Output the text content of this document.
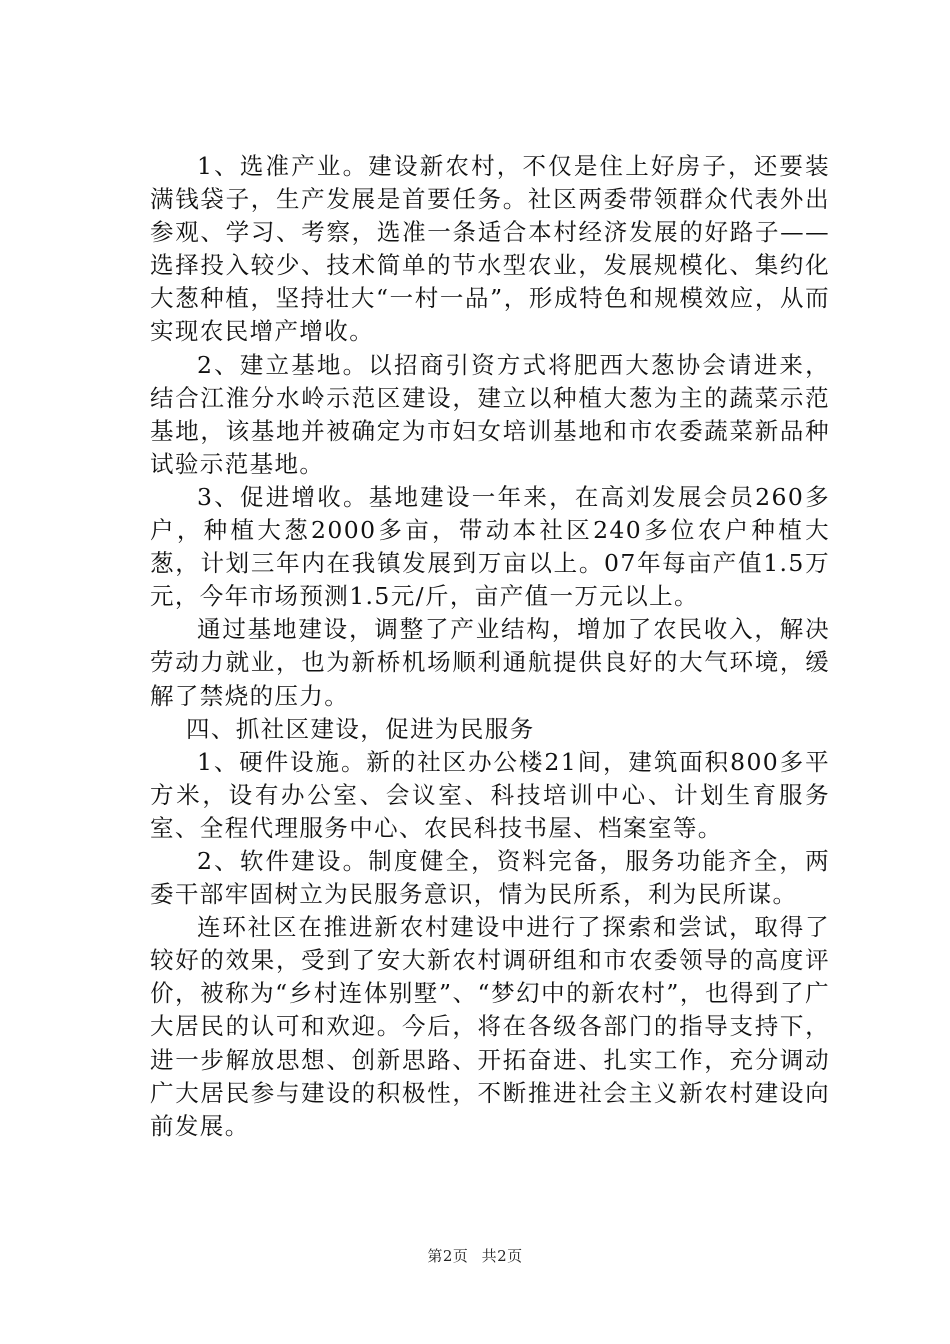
1、选准产业。建设新农村，不仅是住上好房子，还要装满钱袋子，生产发展是首要任务。社区两委带领群众代表外出参观、学习、考察，选准一条适合本村经济发展的好路子——选择投入较少、技术简单的节水型农业，发展规模化、集约化大葱种植，坚持壮大“一村一品”，形成特色和规模效应，从而实现农民增产增收。

2、建立基地。以招商引资方式将肥西大葱协会请进来，结合江淮分水岭示范区建设，建立以种植大葱为主的蔬菜示范基地，该基地并被确定为市妇女培训基地和市农委蔬菜新品种试验示范基地。

3、促进增收。基地建设一年来，在高刘发展会员260多户，种植大葱2000多亩，带动本社区240多位农户种植大葱，计划三年内在我镇发展到万亩以上。07年每亩产值1.5万元，今年市场预测1.5元/斤，亩产值一万元以上。

通过基地建设，调整了产业结构，增加了农民收入，解决劳动力就业，也为新桥机场顺利通航提供良好的大气环境，缓解了禁烧的压力。

四、抓社区建设，促进为民服务

1、硬件设施。新的社区办公楼21间，建筑面积800多平方米，设有办公室、会议室、科技培训中心、计划生育服务室、全程代理服务中心、农民科技书屋、档案室等。

2、软件建设。制度健全，资料完备，服务功能齐全，两委干部牢固树立为民服务意识，情为民所系，利为民所谋。

连环社区在推进新农村建设中进行了探索和尝试，取得了较好的效果，受到了安大新农村调研组和市农委领导的高度评价，被称为“乡村连体别墅”、“梦幻中的新农村”，也得到了广大居民的认可和欢迎。今后，将在各级各部门的指导支持下，进一步解放思想、创新思路、开拓奋进、扎实工作，充分调动广大居民参与建设的积极性，不断推进社会主义新农村建设向前发展。

第2页 共2页
